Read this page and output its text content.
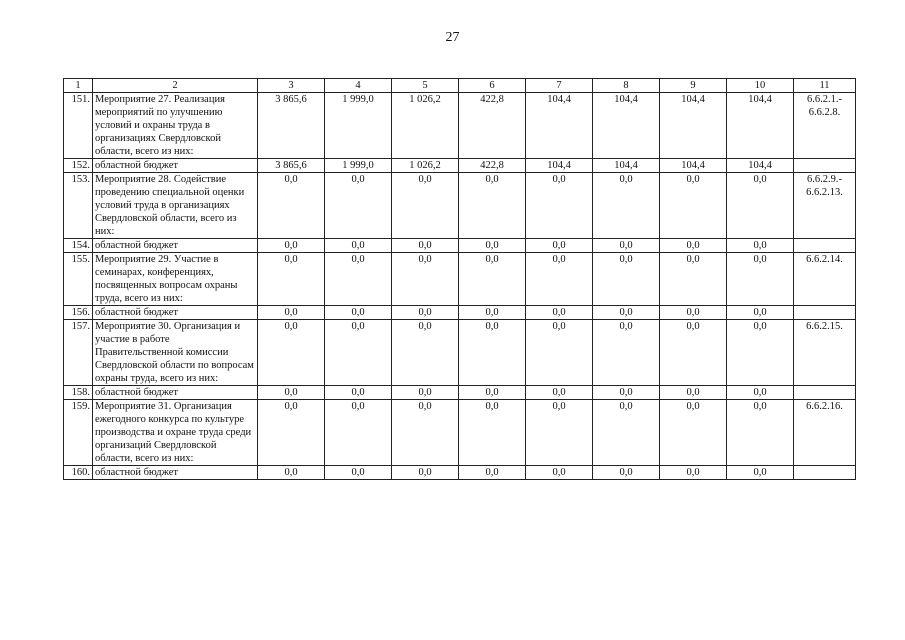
27
1	2	3	4	5	6	7	8	9	10	11
151.	Мероприятие 27. Реализация мероприятий по улучшению условий и охраны труда в организациях Свердловской области, всего из них:	3 865,6	1 999,0	1 026,2	422,8	104,4	104,4	104,4	104,4	6.6.2.1.- 6.6.2.8.
152.	областной бюджет	3 865,6	1 999,0	1 026,2	422,8	104,4	104,4	104,4	104,4	
153.	Мероприятие 28. Содействие проведению специальной оценки условий труда в организациях Свердловской области, всего из них:	0,0	0,0	0,0	0,0	0,0	0,0	0,0	0,0	6.6.2.9.- 6.6.2.13.
154.	областной бюджет	0,0	0,0	0,0	0,0	0,0	0,0	0,0	0,0	
155.	Мероприятие 29. Участие в семинарах, конференциях, посвященных вопросам охраны труда, всего из них:	0,0	0,0	0,0	0,0	0,0	0,0	0,0	0,0	6.6.2.14.
156.	областной бюджет	0,0	0,0	0,0	0,0	0,0	0,0	0,0	0,0	
157.	Мероприятие 30. Организация и участие в работе Правительственной комиссии Свердловской области по вопросам охраны труда, всего из них:	0,0	0,0	0,0	0,0	0,0	0,0	0,0	0,0	6.6.2.15.
158.	областной бюджет	0,0	0,0	0,0	0,0	0,0	0,0	0,0	0,0	
159.	Мероприятие 31. Организация ежегодного конкурса по культуре производства и охране труда среди организаций Свердловской области, всего из них:	0,0	0,0	0,0	0,0	0,0	0,0	0,0	0,0	6.6.2.16.
160.	областной бюджет	0,0	0,0	0,0	0,0	0,0	0,0	0,0	0,0	
